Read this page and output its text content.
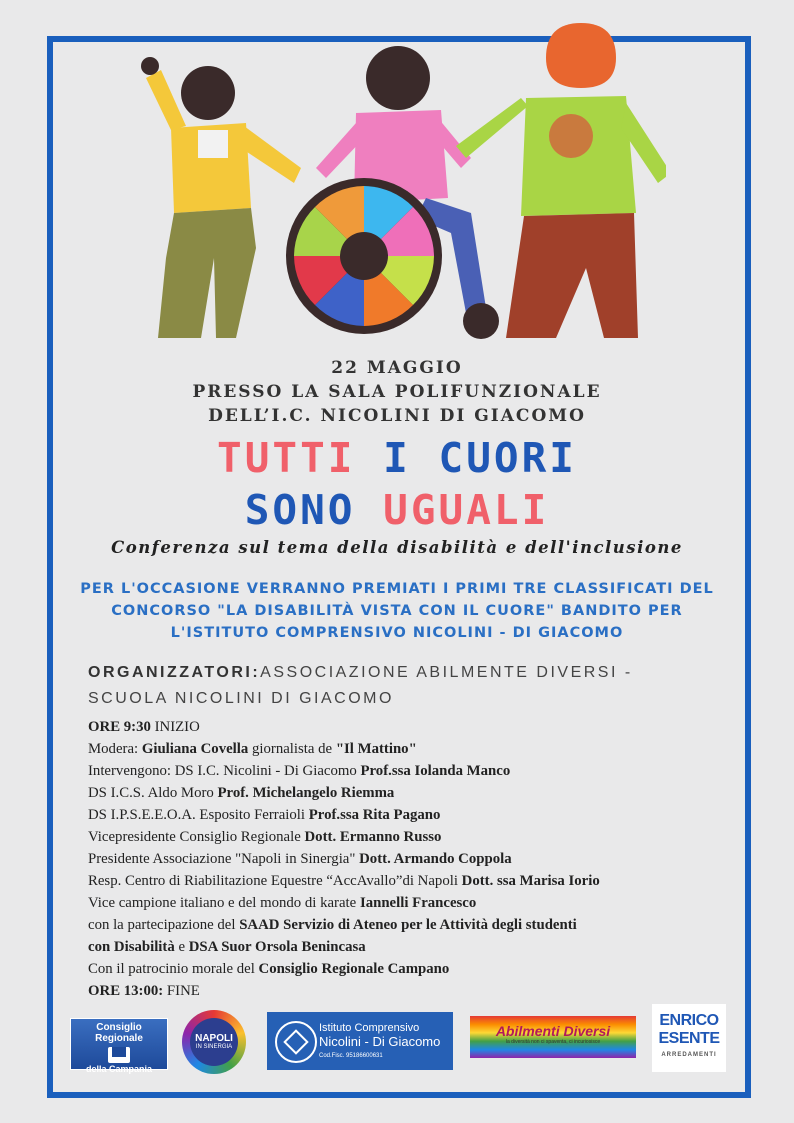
22 MAGGIO
PRESSO LA SALA POLIFUNZIONALE
DELL’I.C. NICOLINI DI GIACOMO
TUTTI I CUORI
SONO UGUALI
Conferenza sul tema della disabilità e dell'inclusione
PER L'OCCASIONE VERRANNO PREMIATI I PRIMI TRE CLASSIFICATI DEL
CONCORSO "LA DISABILITÀ VISTA CON IL CUORE" BANDITO PER
L'ISTITUTO COMPRENSIVO NICOLINI - DI GIACOMO
ORGANIZZATORI:ASSOCIAZIONE ABILMENTE DIVERSI -
SCUOLA NICOLINI DI GIACOMO

ORE 9:30 INIZIO

Modera: Giuliana Covella giornalista de "Il Mattino"

Intervengono: DS I.C. Nicolini - Di Giacomo Prof.ssa Iolanda Manco

DS I.C.S. Aldo Moro Prof. Michelangelo Riemma

DS I.P.S.E.E.O.A. Esposito Ferraioli Prof.ssa Rita Pagano

Vicepresidente Consiglio Regionale Dott. Ermanno Russo

Presidente Associazione "Napoli in Sinergia" Dott. Armando Coppola

Resp. Centro di Riabilitazione Equestre “AccAvallo”di Napoli Dott. ssa Marisa Iorio

Vice campione italiano e del mondo di karate Iannelli Francesco

con la partecipazione del SAAD Servizio di Ateneo per le Attività degli studenti

con Disabilità e DSA Suor Orsola Benincasa

Con il patrocinio morale del Consiglio Regionale Campano

ORE 13:00: FINE

Consiglio Regionale
della Campania
NAPOLI
IN SINERGIA
Istituto Comprensivo
Nicolini - Di Giacomo
Cod.Fisc. 95186600631
Abilmenti Diversi
la diversità non ci spaventa, ci incuriosisce
ENRICO
ESENTE
ARREDAMENTI
